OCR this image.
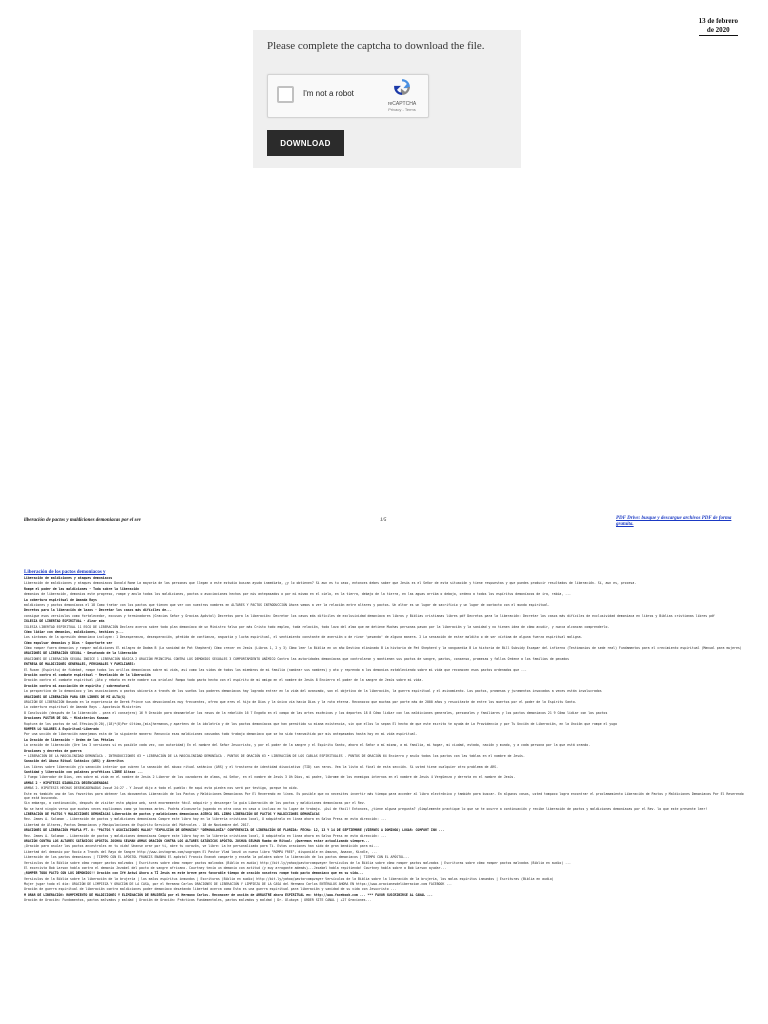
13 de febrero
de 2020
Please complete the captcha to download the file.
I'm not a robot
reCAPTCHA
Privacy - Terms
DOWNLOAD
liberación de pactos y maldiciones demoniacas por el sev	1/5	PDF Drive: busque y descargue archivos PDF de forma gratuita.
Liberación de los pactos demoniacos y
Liberación de maldiciones y ataques demoniacos
Liberación de maldiciones y ataques demoniacos Donald Rome La mayoría de las personas que llegan a este estudio buscan ayuda inmediata, ¿y lo obtienen? Sí aun es tu caso, entonces debes saber que Jesús es el Señor de esta situación y tiene respuestas y que puedes producir resultados de liberación. Sí, aun es, procesa.
Rompe el poder de las maldiciones - Toda sobre la liberación
demonios de liberación, demonios este progreso, rompe y anula todos los maldiciones, pactos o asociaciones hechos por mis antepasados o por mí mismo en el cielo, en la tierra, debajo de la tierra, en las aguas arriba o debajo, ordeno a todos los espíritus demoníacos de ira, rabia, ...
La cobertura espiritual de Amanda Rays
maldiciones y pactos demoníacos el 18 Como tratar con los pactos que tienen que ver con nuestros nombres en ALTARES Y PACTOS INTRODUCCIÓN Ahora vamos a ver la relación entre altares y pactos. Un altar es un lugar de sacrificio y un lugar de contacto con el mundo espiritual.
Decretos para la liberación de lazos - Decretar los casos más difíciles de...
consigue esos versículos como fortalecedor, excusas y terminadores (Gracias Señor y Gracias Apóstol) Decretos para la liberación: Decretar los casos más difíciles de exclusividad demoníaca en libros y Biblias cristianas libres pdf Decretos para la liberación: Decretar los casos más difíciles de exclusividad demoníaca en libros y Biblias cristianas libres pdf
IGLESIA DE LIBERTAD ESPIRITUAL - Alzar más
IGLESIA LIBERTAD ESPIRITUAL 11 ESCO DE LIBERACIÓN Declaro acerca sobre todo plan demoníaco de un Ministro falso por más Cristo todo empleo, toda relación, todo lazo del alma que me detiene Muchas personas pasan por la liberación y la sanidad y no tienen idea de cómo acudir, y nunca alcanzan comprenderlo.
Cómo lidiar con demonios, maldiciones, hechizos y...
Los síntomas de la opresión demoníaca incluyen: 1 Desesperanza, desesperación, pérdida de confianza, angustia y lucha espiritual, el sentimiento constante de aversión o de rivar 'pesando' de alguna manera. 2 La sensación de estar maldito o de ser víctima de alguna fuerza espiritual maligna.
Cómo expulsar demonios y Dios - Soportarte ser
Cómo romper fuera demonios y romper maldiciones El milagro de Dadma B (La sanidad de Pat Shepherd) Cómo crecer en Jesús (Libros 1, 2 y 3) Cómo leer la Biblia en un año Destino eliminado B La historia de Pat Shepherd y la vanguardia B La historia de Bill Subsidy Escapar del infierno (Testimonios de sede real) Fundamentos para el crecimiento espiritual (Manual para mujeres)
ORACIONES DE LIBERACIÓN SEXUAL - Desatando de la liberación
ORACIONES DE LIBERACIÓN SEXUAL INDICE 1 LIBERACIÓN BÁSICA 2 ORACIÓN PRINCIPAL CONTRA LOS DEMONIOS SEXUALES 3 COMPORTAMIENTO ANÍMICO Contra las autoridades demoníacas que controlaron y mantienen sus pactos de sangre, pactos, consenso, promesas y fallos Ordene a los familias de pecados
ENTREGA DE MALDICIONES GENERALES, PERSONALES Y FAMILIARES:
El Rusen (Espíritu) de fidebat, rompe todos los orillos demoníacos sobre mi vida, así como las vidas de todos los miembros de mi familia (nombrar sus nombres) y ato y reprendo a los demonios estableciendo sobre mi vida que reconocen esos pactos ordenados que ...
Oración contra el combate espiritual - Revelación de la liberación
Oración contra el combate espiritual ¡Ato y rebato en este nombre sus oriolos! Rompo todo pacto hecho con el espíritu de mi amigo en el nombre de Jesús 8 Encierro el poder de la sangre de Jesús sobre mi vida.
Oración contra mi asociación de espíritu / sobrenatural
La perspectiva de lo demoníaco y las asociaciones o pactos ubicaría a través de los sueños los poderes demoníacos hay logrado entrar en la vida del avanzado, son el objetivo de la liberación, la guerra espiritual y el avivamiento. Los pactos, promesas y juramentos invocados a veces están involucrados
ORACIONES DE LIBERACIÓN PARA SER LIBRES DE MI ALTA(S)
ORACIÓN DE LIBERACIÓN Basada en la experiencia de Derek Prince sus devocionales muy frecuentes, ofreo que eres el hijo de Dios y la única vía hacia Dios y la ruta eterna. Reconozco que muchas por parte más de 2000 años y resucitaste de entre los muertos por el poder de la Espíritu Santo.
La cobertura espiritual de Amanda Rays - Apostasía Ministries
8 Conclusión (después de la liberación - para el consejero) 16 9 Oración para desmantelar los rasos de la rebelión 16 7 Engaño en el campo de las artes escénicas y los deportes 18 8 Cómo lidiar con las maldiciones generales, personales y familiares y los pactos demoniacos 21 9 Cómo lidiar con los pactos
Oraciones PASTOR DE SOL - Ministerios Kanaan
Ruptura de los pactos de sal Efesios(6:20),(18)*(8)Por último,[mis]hermanos,y apartens de la idolatría y de los pactos demoníacos que han permitido su misma existencia, sin que ellos lo sepan El hecho de que este escrito te ayuda de La Providencia y por Tu Unción de Liberación, en la Unción que rompe el yugo
ROMPER LO VALORES A Espiritual-Liberado
Por una unción de liberación manejamos esta de la siguiente manera: Renuncio esas maldiciones causadas todo trabajo demoníaco que se ha sido transmitido por mis antepasados hasta hoy en mi vida espiritual.
La Oración de liberación - Orden de las Pétalas
La oración de liberación (Ore las 3 versiones si es posible cada vez, con autoridad) En el nombre del Señor Jesucristo, y por el poder de la sangre y el Espíritu Santo, ahora el Señor a mí mismo, a mi familia, mi hogar, mi ciudad, estado, nación y mundo, y a cada persona por la que está orando.
Oraciones y decretos de guerra
• LIBERACIÓN DE LA MASCULINIDAD DEMONÍACA - INTRODUCCIONES 63 • LIBERACIÓN DE LA MASCULINIDAD DEMONÍACA - PUNTOS DE ORACIÓN 63 • LIBERACIÓN DE LOS CABLAS ESPIRITUALES - PUNTOS DE ORACIÓN 64 Encierro y anulo todos los pactos con las tablas en el nombre de Jesús.
Sanación del Abuso Ritual Satánico (ARS) y Abreritos
Los libros sobre liberación y/o sanación interior que cubren la sanación del abuso ritual satánico (ARS) y el trastorno de identidad disociativo (TID) son raros. Vea la lista al final de esta sección. Si usted tiene cualquier otro problema de ARS.
Santidad y liberación con palabras proféticas LIBRE Altaxo ...
1 Fuego liberador de Dios, ven sobre mi vida en el nombre de Jesús 2 Liberar de los cazadores de almas, mi Señor, en el nombre de Jesús 3 Oh Dios, mi padre, líbrame de los enemigos internos en el nombre de Jesús 4 Vergüenza y derrota en el nombre de Jesús.
ARMAS 2 - HIPÓTESIS DIABÓLICA DESENCADENADAS
ARMAS 2- HIPÓTESIS HECHAS DESENCADENADAS Josué 24:27 - Y Josué dijo a todo el pueblo: He aquí esta piedra nos será por testigo, porque ha oído.
Este es también uno de los favoritos para obtener los documentos Liberación de los Pactos y Maldiciones Demoníacas Por El Reverendo en línea. Es posible que no necesites invertir más tiempo para acceder al libro electrónico y también para buscar. En algunos casos, usted tampoco logra encontrar el proclamamiento Liberación de Pactos y Maldiciones Demoníacas Por El Reverendo que está buscando.
Sin embargo, a continuación, después de visitar esta página web, será enormemente fácil adquirir y descargar la guía Liberación de los pactos y maldiciones demoníacas por el Rev.
No se hará ningún verso que muchas veces explicamos como ya hacemos antes. Podrás alcanzarlo jugando en otra cosa en casa o incluso en tu lugar de trabajo. ¡Así de fácil! Entonces, ¿tiene alguna pregunta? ¡Simplemente practique lo que se te ocurre a continuación y recibe liberación de pactos y maldiciones demoníacas por el Rev. lo que este presente leer!
LIBERACIÓN DE PACTOS Y MALDICIONES DEMONÍACAS Liberación de pactos y maldiciones demoníacas ACERCA DEL LIBRO LIBERACIÓN DE PACTOS Y MALDICIONES DEMONÍACAS
Rev. James A. Solomon - Liberación de pactos y maldiciones demoníacas Compre este libro hoy en la librería cristiana local, O adquiéralo en línea ahora en Salvo Press en esta dirección: ...
Libertad de Altares, Pactos Demoníacos y Manipulaciones de Espíritu Servicio del Miércoles - 18 de Noviembre del 2017.
ORACIONES DE LIBERACIÓN PRAFLA PT. 8: "PACTOS Y ASOCIACIONES MALOS" "EXPULSIÓN DE DEMONIOS" "DEMONOLOGÍA" CONFERENCIA DE LIBERACIÓN DE FLORIDA: FECHA: 12, 13 Y 14 DE SEPTIEMBRE (VIERNES A DOMINGO) LUGAR: COMFORT INN ...
Rev. James A. Solomon - Liberación de pactos y maldiciones demoníacas Compre este libro hoy en la librería cristiana local, O adquiéralo en línea ahora en Salvo Press en esta dirección: ...
ORACIÓN CONTRA LOS ALTARES SATÁNICOS APÓSTOL JOSHUA SELMAN ARMAS ORACIÓN CONTRA LOS ALTARES SATÁNICOS APÓSTOL JOSHUA SELMAN Rumbo de Ritual: ¡Queremos estar actualizando siempre...
¡Oración para anular los pactos ancestrales en tu vida! Únanse orar por ti, abre tu corazón, ve libre: La he personalizado para Ti. Estas oraciones han sido de gran bendición para mi...
Libertad del demonio por Rocío a Través del Rayo de Sangre http://www.instagram.com/sogrogen El Pastor Vlad lanzó un nuevo libro "ROMPA FREE", disponible en Amazon, Amazon, Kindle, ...
Liberación de los pactos demoníacos | TIEMPO CON EL APÓSTOL FRANCIS ENANHA El apóstol Francis Enanah comparte y enseña la palabra sobre la liberación de los pactos demoníacos | TIEMPO CON EL APÓSTOL...
Versículos de la Biblia sobre cómo romper pactos malvados | Escrituras sobre cómo romper pactos malvados (Biblia en audio) http://bit.ly/yahoo/pastorcampvayer Versículos de la Biblia sobre cómo romper pactos malvados | Escrituras sobre cómo romper pactos malvados (Biblia en audio) ...
El exorcista Bob Larson habla contra el demonio Jezabel del pacto de sangre africano. Courtney tenía un demonio con actitud (y muy arrogante además)...Jezabel habla repitiendo! Courtney habla sobre a Bob Larson ayudar...
¡ROMPER TODO PACTO CON LOS DEMONIOS!! Oración con Ifé Antwi Ahora a TÍ Jesús en este breve pero favorable tiempo de oración nosotros rompe todo pacto demoníaco que en su vida...
Versículos de la Biblia sobre la liberación de la brujería | los malos espíritus inmundos | Escrituras (Biblia en audio) http://bit.ly/yahoo/pastorcampvayer Versículos de la Biblia sobre la liberación de la brujería, los malos espíritus inmundos | Escrituras (Biblia en audio)
Mujer jugar todo el día: ORACIÓN DE LIMPIEZA Y ORACIÓN DE LA CASA, por el Hermano Carlos ORACIONES DE LIBERACIÓN Y LIMPIEZA DE LA CASA del Hermano Carlos ENTÉRALOS AHORA EN https://www.oracionesdeliberacion.com FACEBOOK ...
Oración de guerra espiritual de liberación contra maldiciones poder demoníaco desatando libertad acerca como Esta es una guerra espiritual para liberación y sanidad de su vida con Jesucristo ...
M ORAR DE LIBERACIÓN: ROMPIMIENTO DE MALDICIONES Y ELIMINACIÓN DE BRUJERÍA por el Hermano Carlos. Reconocer de unción de ARRASTRE ahora ESPIRITUAL en: http://www.facebook.com ... *** FAVOR SUSCRIBIRSE AL CANAL ...
Oración de Oración: Fundamentos, pactos malvados y maldad | Oración de Oración: Prácticas Fundamentales, pactos malvados y maldad | Dr. Olukoya | ORDER SITE CANAL | +27 Oraciones...
